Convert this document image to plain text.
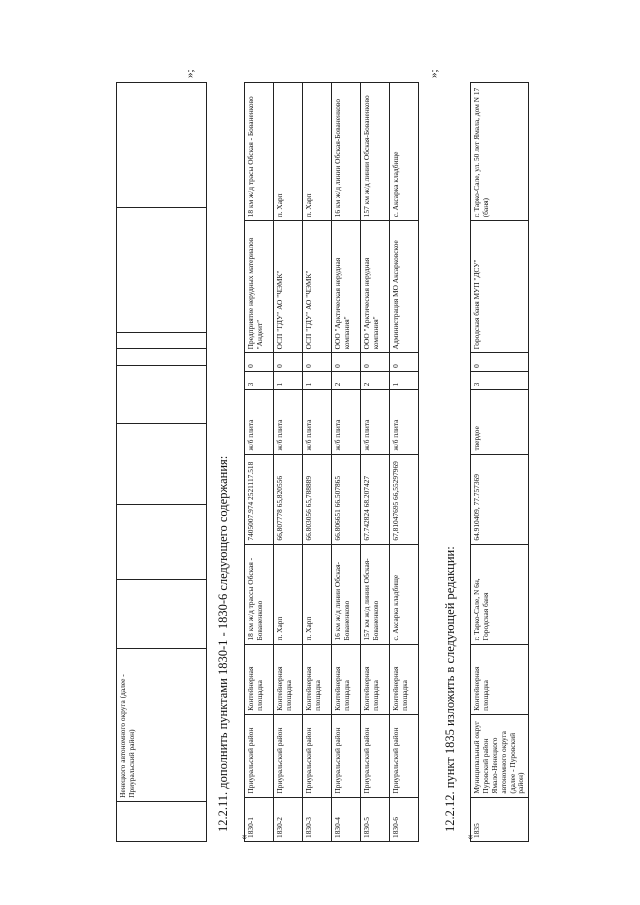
	Ненецкого автономного округа (далее - Приуральский район)								
»;
12.2.11. дополнить пунктами 1830-1 - 1830-6 следующего содержания:
«
1830-1	Приуральский район	Контейнерная площадка	18 км ж/д трассы Обская - Бованенково	7405007.974 2521117.518	ж/б плита	3	0	Предприятие нерудных материалов "Андеит"	18 км ж/д трасы Обская - Бованенково
1830-2	Приуральский район	Контейнерная площадка	п. Харп	66,807778 65,820556	ж/б плита	1	0	ОСП "ГДУ" АО "ЧЭМК"	п. Харп
1830-3	Приуральский район	Контейнерная площадка	п. Харп	66.803056 65,788889	ж/б плита	1	0	ОСП "ГДУ" АО "ЧЭМК"	п. Харп
1830-4	Приуральский район	Контейнерная площадка	16 км ж/д линии Обская-Бованенково	66.806651 66.507865	ж/б плита	2	0	ООО "Арктическая нерудная компания"	16 км ж/д линии Обская-Бованенково
1830-5	Приуральский район	Контейнерная площадка	157 км ж/д линии Обская-Бованенково	67.742824 68.207427	ж/б плита	2	0	ООО "Арктическая нерудная компания"	157 км ж/д линии Обская-Бованенково
1830-6	Приуральский район	Контейнерная площадка	с. Аксарка кладбище	67,81047695 66,55297969	ж/б плита	1	0	Администрация МО Аксарковское	с. Аксарка кладбище
»;
12.2.12. пункт 1835 изложить в следующей редакции:
«
1835	Муниципальный округ Пуровский район Ямало-Ненецкого автономного округа (далее - Пуровский район)	Контейнерная площадка	г. Тарко-Сале, N 6н, Городская баня	64.910409, 77.757369	твердое	3	0	Городская баня МУП "ДСУ"	г. Тарко-Сале, ул. 50 лет Ямала, дом N 17 (баня)
